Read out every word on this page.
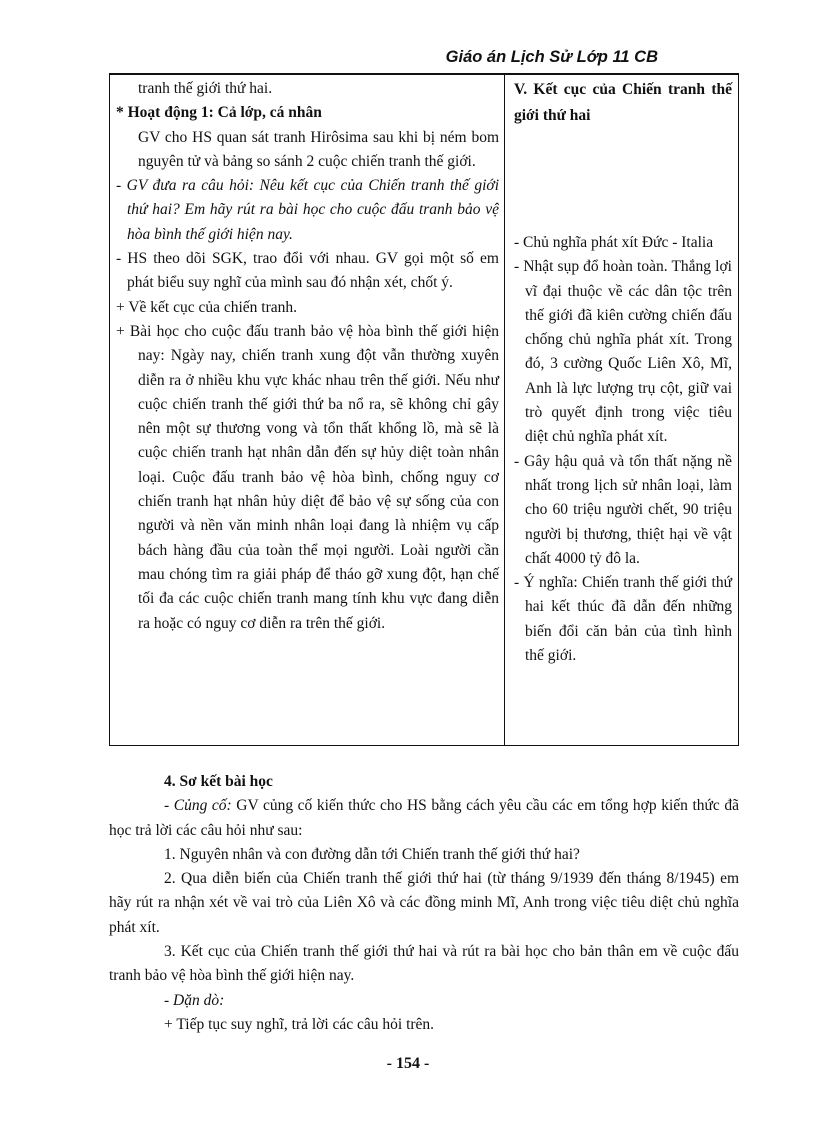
Giáo án Lịch Sử Lớp 11 CB
tranh thế giới thứ hai.
* Hoạt động 1: Cả lớp, cá nhân
GV cho HS quan sát tranh Hirôsima sau khi bị ném bom nguyên tử và bảng so sánh 2 cuộc chiến tranh thế giới.
- GV đưa ra câu hỏi: Nêu kết cục của Chiến tranh thế giới thứ hai? Em hãy rút ra bài học cho cuộc đấu tranh bảo vệ hòa bình thế giới hiện nay.
- HS theo dõi SGK, trao đổi với nhau. GV gọi một số em phát biểu suy nghĩ của mình sau đó nhận xét, chốt ý.
+ Về kết cục của chiến tranh.
+ Bài học cho cuộc đấu tranh bảo vệ hòa bình thế giới hiện nay: Ngày nay, chiến tranh xung đột vẫn thường xuyên diễn ra ở nhiều khu vực khác nhau trên thế giới. Nếu như cuộc chiến tranh thế giới thứ ba nổ ra, sẽ không chỉ gây nên một sự thương vong và tổn thất khổng lồ, mà sẽ là cuộc chiến tranh hạt nhân dẫn đến sự hủy diệt toàn nhân loại. Cuộc đấu tranh bảo vệ hòa bình, chống nguy cơ chiến tranh hạt nhân hủy diệt để bảo vệ sự sống của con người và nền văn minh nhân loại đang là nhiệm vụ cấp bách hàng đầu của toàn thể mọi người. Loài người cần mau chóng tìm ra giải pháp để tháo gỡ xung đột, hạn chế tối đa các cuộc chiến tranh mang tính khu vực đang diễn ra hoặc có nguy cơ diễn ra trên thế giới.
V. Kết cục của Chiến tranh thế giới thứ hai
- Chủ nghĩa phát xít Đức - Italia
- Nhật sụp đổ hoàn toàn. Thắng lợi vĩ đại thuộc về các dân tộc trên thế giới đã kiên cường chiến đấu chống chủ nghĩa phát xít. Trong đó, 3 cường Quốc Liên Xô, Mĩ, Anh là lực lượng trụ cột, giữ vai trò quyết định trong việc tiêu diệt chủ nghĩa phát xít.
- Gây hậu quả và tổn thất nặng nề nhất trong lịch sử nhân loại, làm cho 60 triệu người chết, 90 triệu người bị thương, thiệt hại về vật chất 4000 tỷ đô la.
- Ý nghĩa: Chiến tranh thế giới thứ hai kết thúc đã dẫn đến những biến đổi căn bản của tình hình thế giới.

4. Sơ kết bài học

- Củng cố: GV củng cố kiến thức cho HS bằng cách yêu cầu các em tổng hợp kiến thức đã học trả lời các câu hỏi như sau:

1. Nguyên nhân và con đường dẫn tới Chiến tranh thế giới thứ hai?

2. Qua diễn biến của Chiến tranh thế giới thứ hai (từ tháng 9/1939 đến tháng 8/1945) em hãy rút ra nhận xét về vai trò của Liên Xô và các đồng minh Mĩ, Anh trong việc tiêu diệt chủ nghĩa phát xít.

3. Kết cục của Chiến tranh thế giới thứ hai và rút ra bài học cho bản thân em về cuộc đấu tranh bảo vệ hòa bình thế giới hiện nay.

- Dặn dò:

+ Tiếp tục suy nghĩ, trả lời các câu hỏi trên.

- 154 -
